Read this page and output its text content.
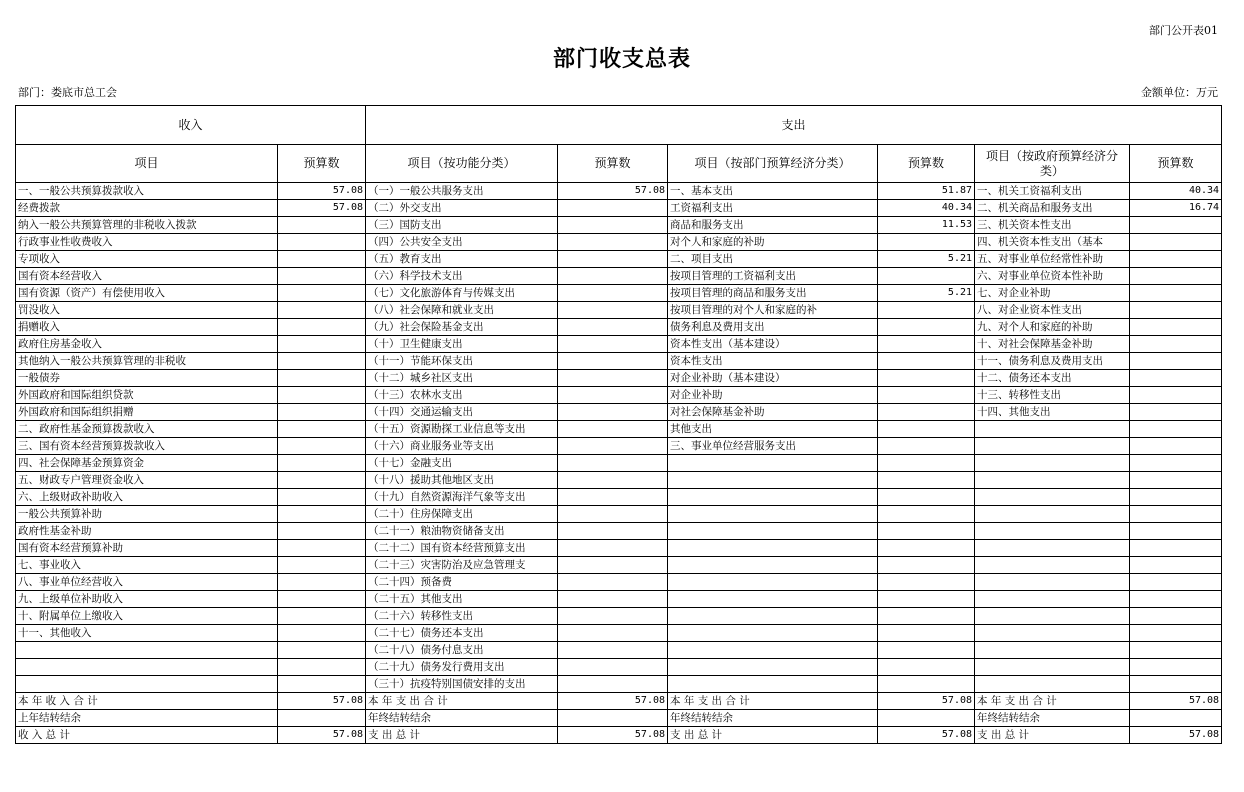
部门公开表01
部门收支总表
部门：娄底市总工会	金额单位：万元
收入		支出					
项目	预算数	项目（按功能分类）	预算数	项目（按部门预算经济分类）	预算数	项目（按政府预算经济分类）	预算数
一、一般公共预算拨款收入	57.08	（一）一般公共服务支出	57.08	一、基本支出	51.87	一、机关工资福利支出	40.34
经费拨款	57.08	（二）外交支出		工资福利支出	40.34	二、机关商品和服务支出	16.74
纳入一般公共预算管理的非税收入拨款		（三）国防支出		商品和服务支出	11.53	三、机关资本性支出	
行政事业性收费收入		（四）公共安全支出		对个人和家庭的补助		四、机关资本性支出（基本	
专项收入		（五）教育支出		二、项目支出	5.21	五、对事业单位经常性补助	
国有资本经营收入		（六）科学技术支出		按项目管理的工资福利支出		六、对事业单位资本性补助	
国有资源（资产）有偿使用收入		（七）文化旅游体育与传媒支出		按项目管理的商品和服务支出	5.21	七、对企业补助	
罚没收入		（八）社会保障和就业支出		按项目管理的对个人和家庭的补		八、对企业资本性支出	
捐赠收入		（九）社会保险基金支出		债务利息及费用支出		九、对个人和家庭的补助	
政府住房基金收入		（十）卫生健康支出		资本性支出（基本建设）		十、对社会保障基金补助	
其他纳入一般公共预算管理的非税收		（十一）节能环保支出		资本性支出		十一、债务利息及费用支出	
一般债券		（十二）城乡社区支出		对企业补助（基本建设）		十二、债务还本支出	
外国政府和国际组织贷款		（十三）农林水支出		对企业补助		十三、转移性支出	
外国政府和国际组织捐赠		（十四）交通运输支出		对社会保障基金补助		十四、其他支出	
二、政府性基金预算拨款收入		（十五）资源勘探工业信息等支出		其他支出			
三、国有资本经营预算拨款收入		（十六）商业服务业等支出		三、事业单位经营服务支出			
四、社会保障基金预算资金		（十七）金融支出					
五、财政专户管理资金收入		（十八）援助其他地区支出					
六、上级财政补助收入		（十九）自然资源海洋气象等支出					
一般公共预算补助		（二十）住房保障支出					
政府性基金补助		（二十一）粮油物资储备支出					
国有资本经营预算补助		（二十二）国有资本经营预算支出					
七、事业收入		（二十三）灾害防治及应急管理支					
八、事业单位经营收入		（二十四）预备费					
九、上级单位补助收入		（二十五）其他支出					
十、附属单位上缴收入		（二十六）转移性支出					
十一、其他收入		（二十七）债务还本支出					
		（二十八）债务付息支出					
		（二十九）债务发行费用支出					
		（三十）抗疫特别国债安排的支出					
本 年 收 入 合 计	57.08	本 年 支 出 合 计	57.08	本 年 支 出 合 计	57.08	本 年 支 出 合 计	57.08
上年结转结余		年终结转结余		年终结转结余		年终结转结余	
收 入 总 计	57.08	支 出 总 计	57.08	支 出 总 计	57.08	支 出 总 计	57.08
